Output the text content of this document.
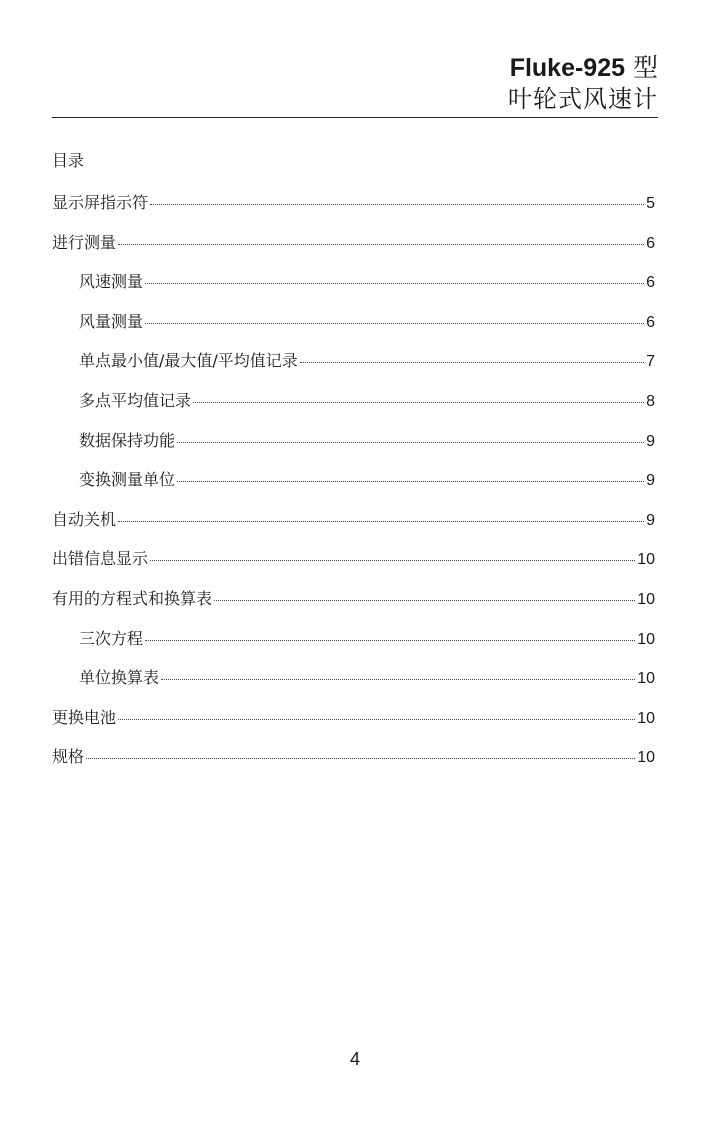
Fluke-925 型
叶轮式风速计
目录
显示屏指示符	5
进行测量	6
风速测量	6
风量测量	6
单点最小值/最大值/平均值记录	7
多点平均值记录	8
数据保持功能	9
变换测量单位	9
自动关机	9
出错信息显示	10
有用的方程式和换算表	10
三次方程	10
单位换算表	10
更换电池	10
规格	10
4
